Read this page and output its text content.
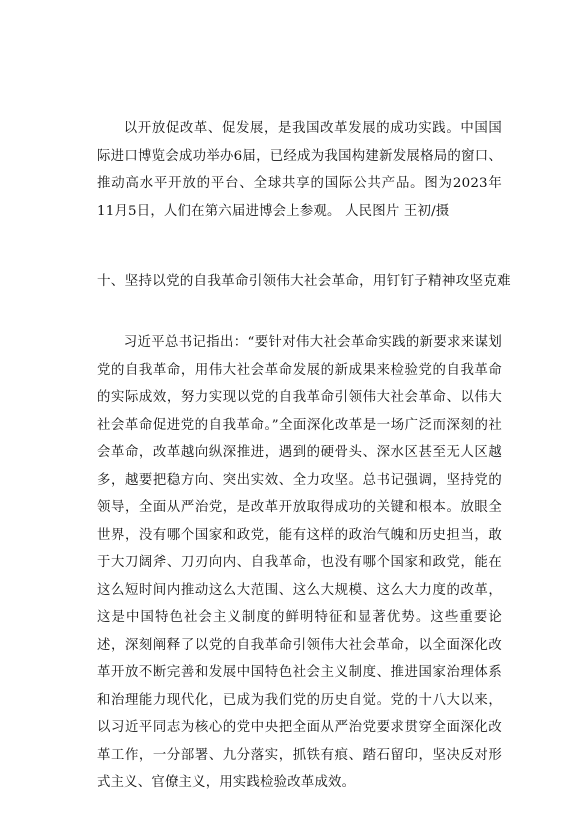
以开放促改革、促发展，是我国改革发展的成功实践。中国国际进口博览会成功举办6届，已经成为我国构建新发展格局的窗口、推动高水平开放的平台、全球共享的国际公共产品。图为2023年11月5日，人们在第六届进博会上参观。 人民图片 王初/摄

十、坚持以党的自我革命引领伟大社会革命，用钉钉子精神攻坚克难

习近平总书记指出：“要针对伟大社会革命实践的新要求来谋划党的自我革命，用伟大社会革命发展的新成果来检验党的自我革命的实际成效，努力实现以党的自我革命引领伟大社会革命、以伟大社会革命促进党的自我革命。”全面深化改革是一场广泛而深刻的社会革命，改革越向纵深推进，遇到的硬骨头、深水区甚至无人区越多，越要把稳方向、突出实效、全力攻坚。总书记强调，坚持党的领导，全面从严治党，是改革开放取得成功的关键和根本。放眼全世界，没有哪个国家和政党，能有这样的政治气魄和历史担当，敢于大刀阔斧、刀刃向内、自我革命，也没有哪个国家和政党，能在这么短时间内推动这么大范围、这么大规模、这么大力度的改革，这是中国特色社会主义制度的鲜明特征和显著优势。这些重要论述，深刻阐释了以党的自我革命引领伟大社会革命，以全面深化改革开放不断完善和发展中国特色社会主义制度、推进国家治理体系和治理能力现代化，已成为我们党的历史自觉。党的十八大以来，以习近平同志为核心的党中央把全面从严治党要求贯穿全面深化改革工作，一分部署、九分落实，抓铁有痕、踏石留印，坚决反对形式主义、官僚主义，用实践检验改革成效。
